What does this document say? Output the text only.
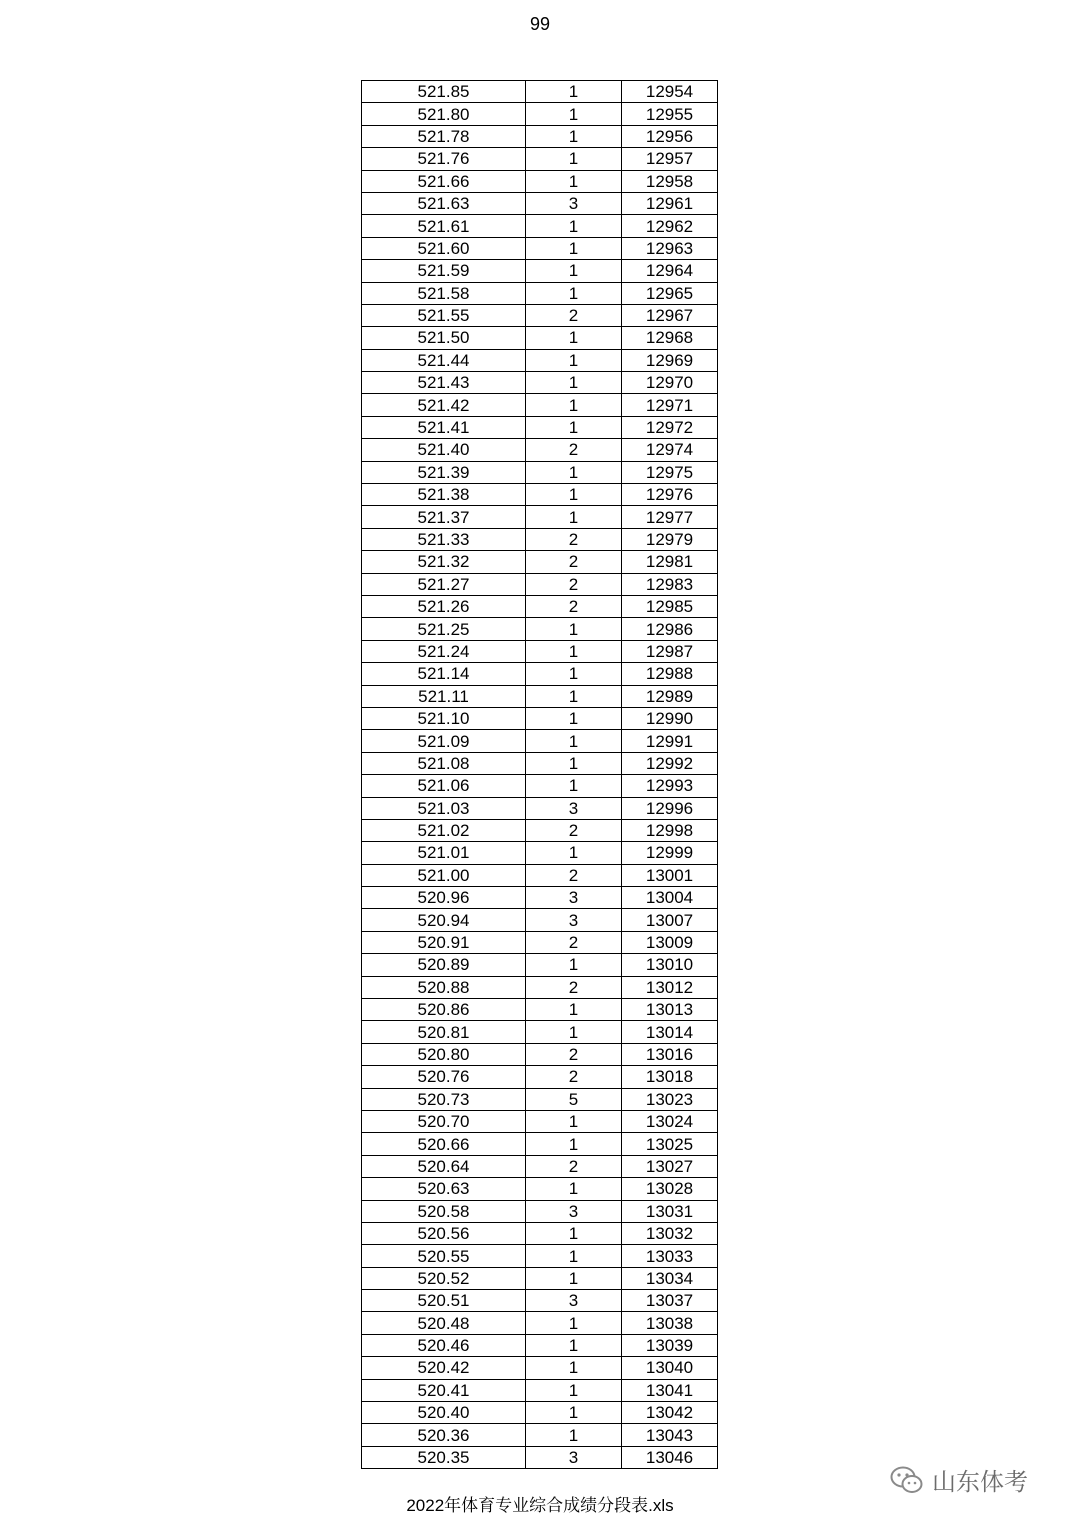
99
521.85	1	12954
521.80	1	12955
521.78	1	12956
521.76	1	12957
521.66	1	12958
521.63	3	12961
521.61	1	12962
521.60	1	12963
521.59	1	12964
521.58	1	12965
521.55	2	12967
521.50	1	12968
521.44	1	12969
521.43	1	12970
521.42	1	12971
521.41	1	12972
521.40	2	12974
521.39	1	12975
521.38	1	12976
521.37	1	12977
521.33	2	12979
521.32	2	12981
521.27	2	12983
521.26	2	12985
521.25	1	12986
521.24	1	12987
521.14	1	12988
521.11	1	12989
521.10	1	12990
521.09	1	12991
521.08	1	12992
521.06	1	12993
521.03	3	12996
521.02	2	12998
521.01	1	12999
521.00	2	13001
520.96	3	13004
520.94	3	13007
520.91	2	13009
520.89	1	13010
520.88	2	13012
520.86	1	13013
520.81	1	13014
520.80	2	13016
520.76	2	13018
520.73	5	13023
520.70	1	13024
520.66	1	13025
520.64	2	13027
520.63	1	13028
520.58	3	13031
520.56	1	13032
520.55	1	13033
520.52	1	13034
520.51	3	13037
520.48	1	13038
520.46	1	13039
520.42	1	13040
520.41	1	13041
520.40	1	13042
520.36	1	13043
520.35	3	13046
2022年体育专业综合成绩分段表.xls
山东体考
